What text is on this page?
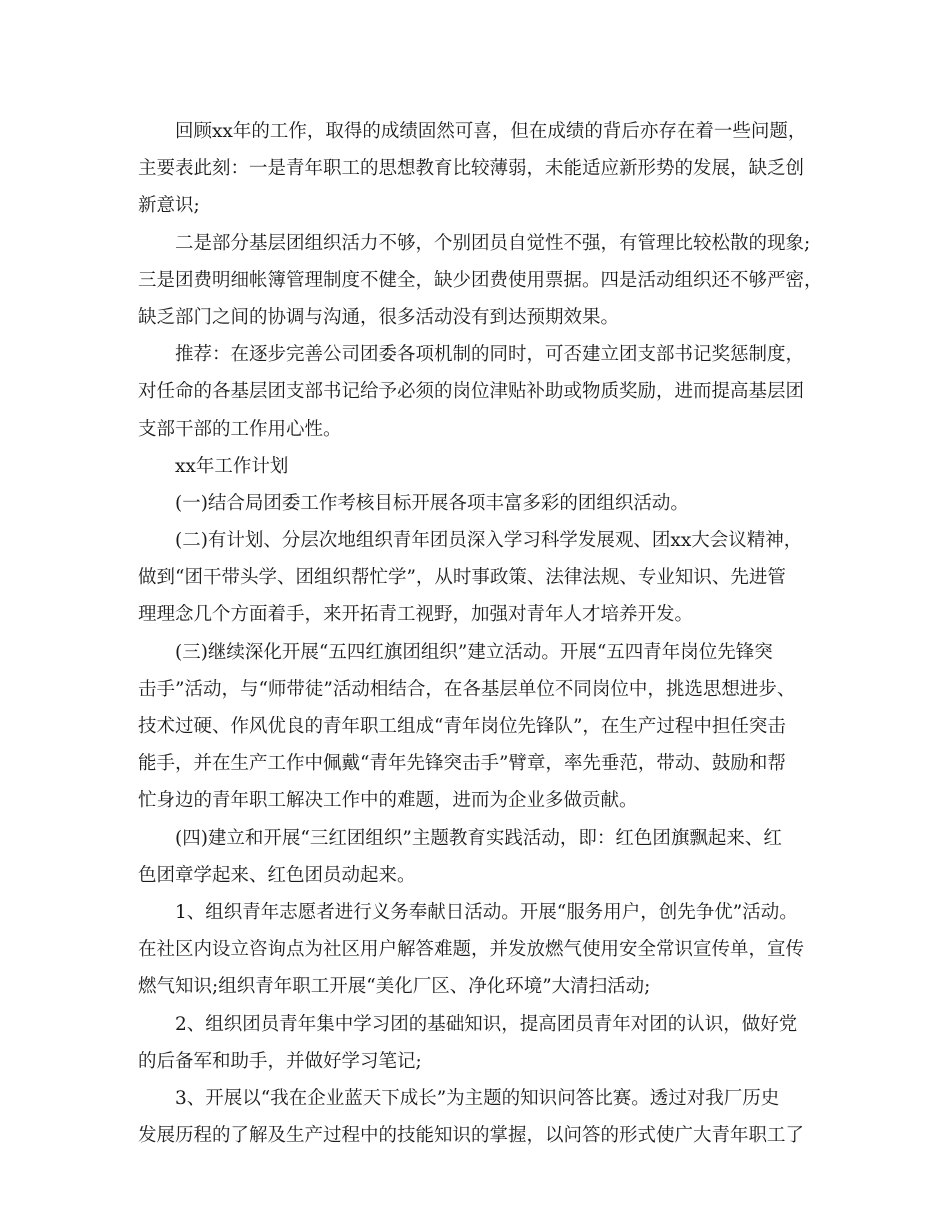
回顾xx年的工作，取得的成绩固然可喜，但在成绩的背后亦存在着一些问题，
主要表此刻：一是青年职工的思想教育比较薄弱，未能适应新形势的发展，缺乏创
新意识;
二是部分基层团组织活力不够，个别团员自觉性不强，有管理比较松散的现象;
三是团费明细帐簿管理制度不健全，缺少团费使用票据。四是活动组织还不够严密，
缺乏部门之间的协调与沟通，很多活动没有到达预期效果。
推荐：在逐步完善公司团委各项机制的同时，可否建立团支部书记奖惩制度，
对任命的各基层团支部书记给予必须的岗位津贴补助或物质奖励，进而提高基层团
支部干部的工作用心性。
xx年工作计划
(一)结合局团委工作考核目标开展各项丰富多彩的团组织活动。
(二)有计划、分层次地组织青年团员深入学习科学发展观、团xx大会议精神，
做到“团干带头学、团组织帮忙学”，从时事政策、法律法规、专业知识、先进管
理理念几个方面着手，来开拓青工视野，加强对青年人才培养开发。
(三)继续深化开展“五四红旗团组织”建立活动。开展“五四青年岗位先锋突
击手”活动，与“师带徒”活动相结合，在各基层单位不同岗位中，挑选思想进步、
技术过硬、作风优良的青年职工组成“青年岗位先锋队”，在生产过程中担任突击
能手，并在生产工作中佩戴“青年先锋突击手”臂章，率先垂范，带动、鼓励和帮
忙身边的青年职工解决工作中的难题，进而为企业多做贡献。
(四)建立和开展“三红团组织”主题教育实践活动，即：红色团旗飘起来、红
色团章学起来、红色团员动起来。
1、组织青年志愿者进行义务奉献日活动。开展“服务用户，创先争优”活动。
在社区内设立咨询点为社区用户解答难题，并发放燃气使用安全常识宣传单，宣传
燃气知识;组织青年职工开展“美化厂区、净化环境”大清扫活动;
2、组织团员青年集中学习团的基础知识，提高团员青年对团的认识，做好党
的后备军和助手，并做好学习笔记;
3、开展以“我在企业蓝天下成长”为主题的知识问答比赛。透过对我厂历史
发展历程的了解及生产过程中的技能知识的掌握，以问答的形式使广大青年职工了
